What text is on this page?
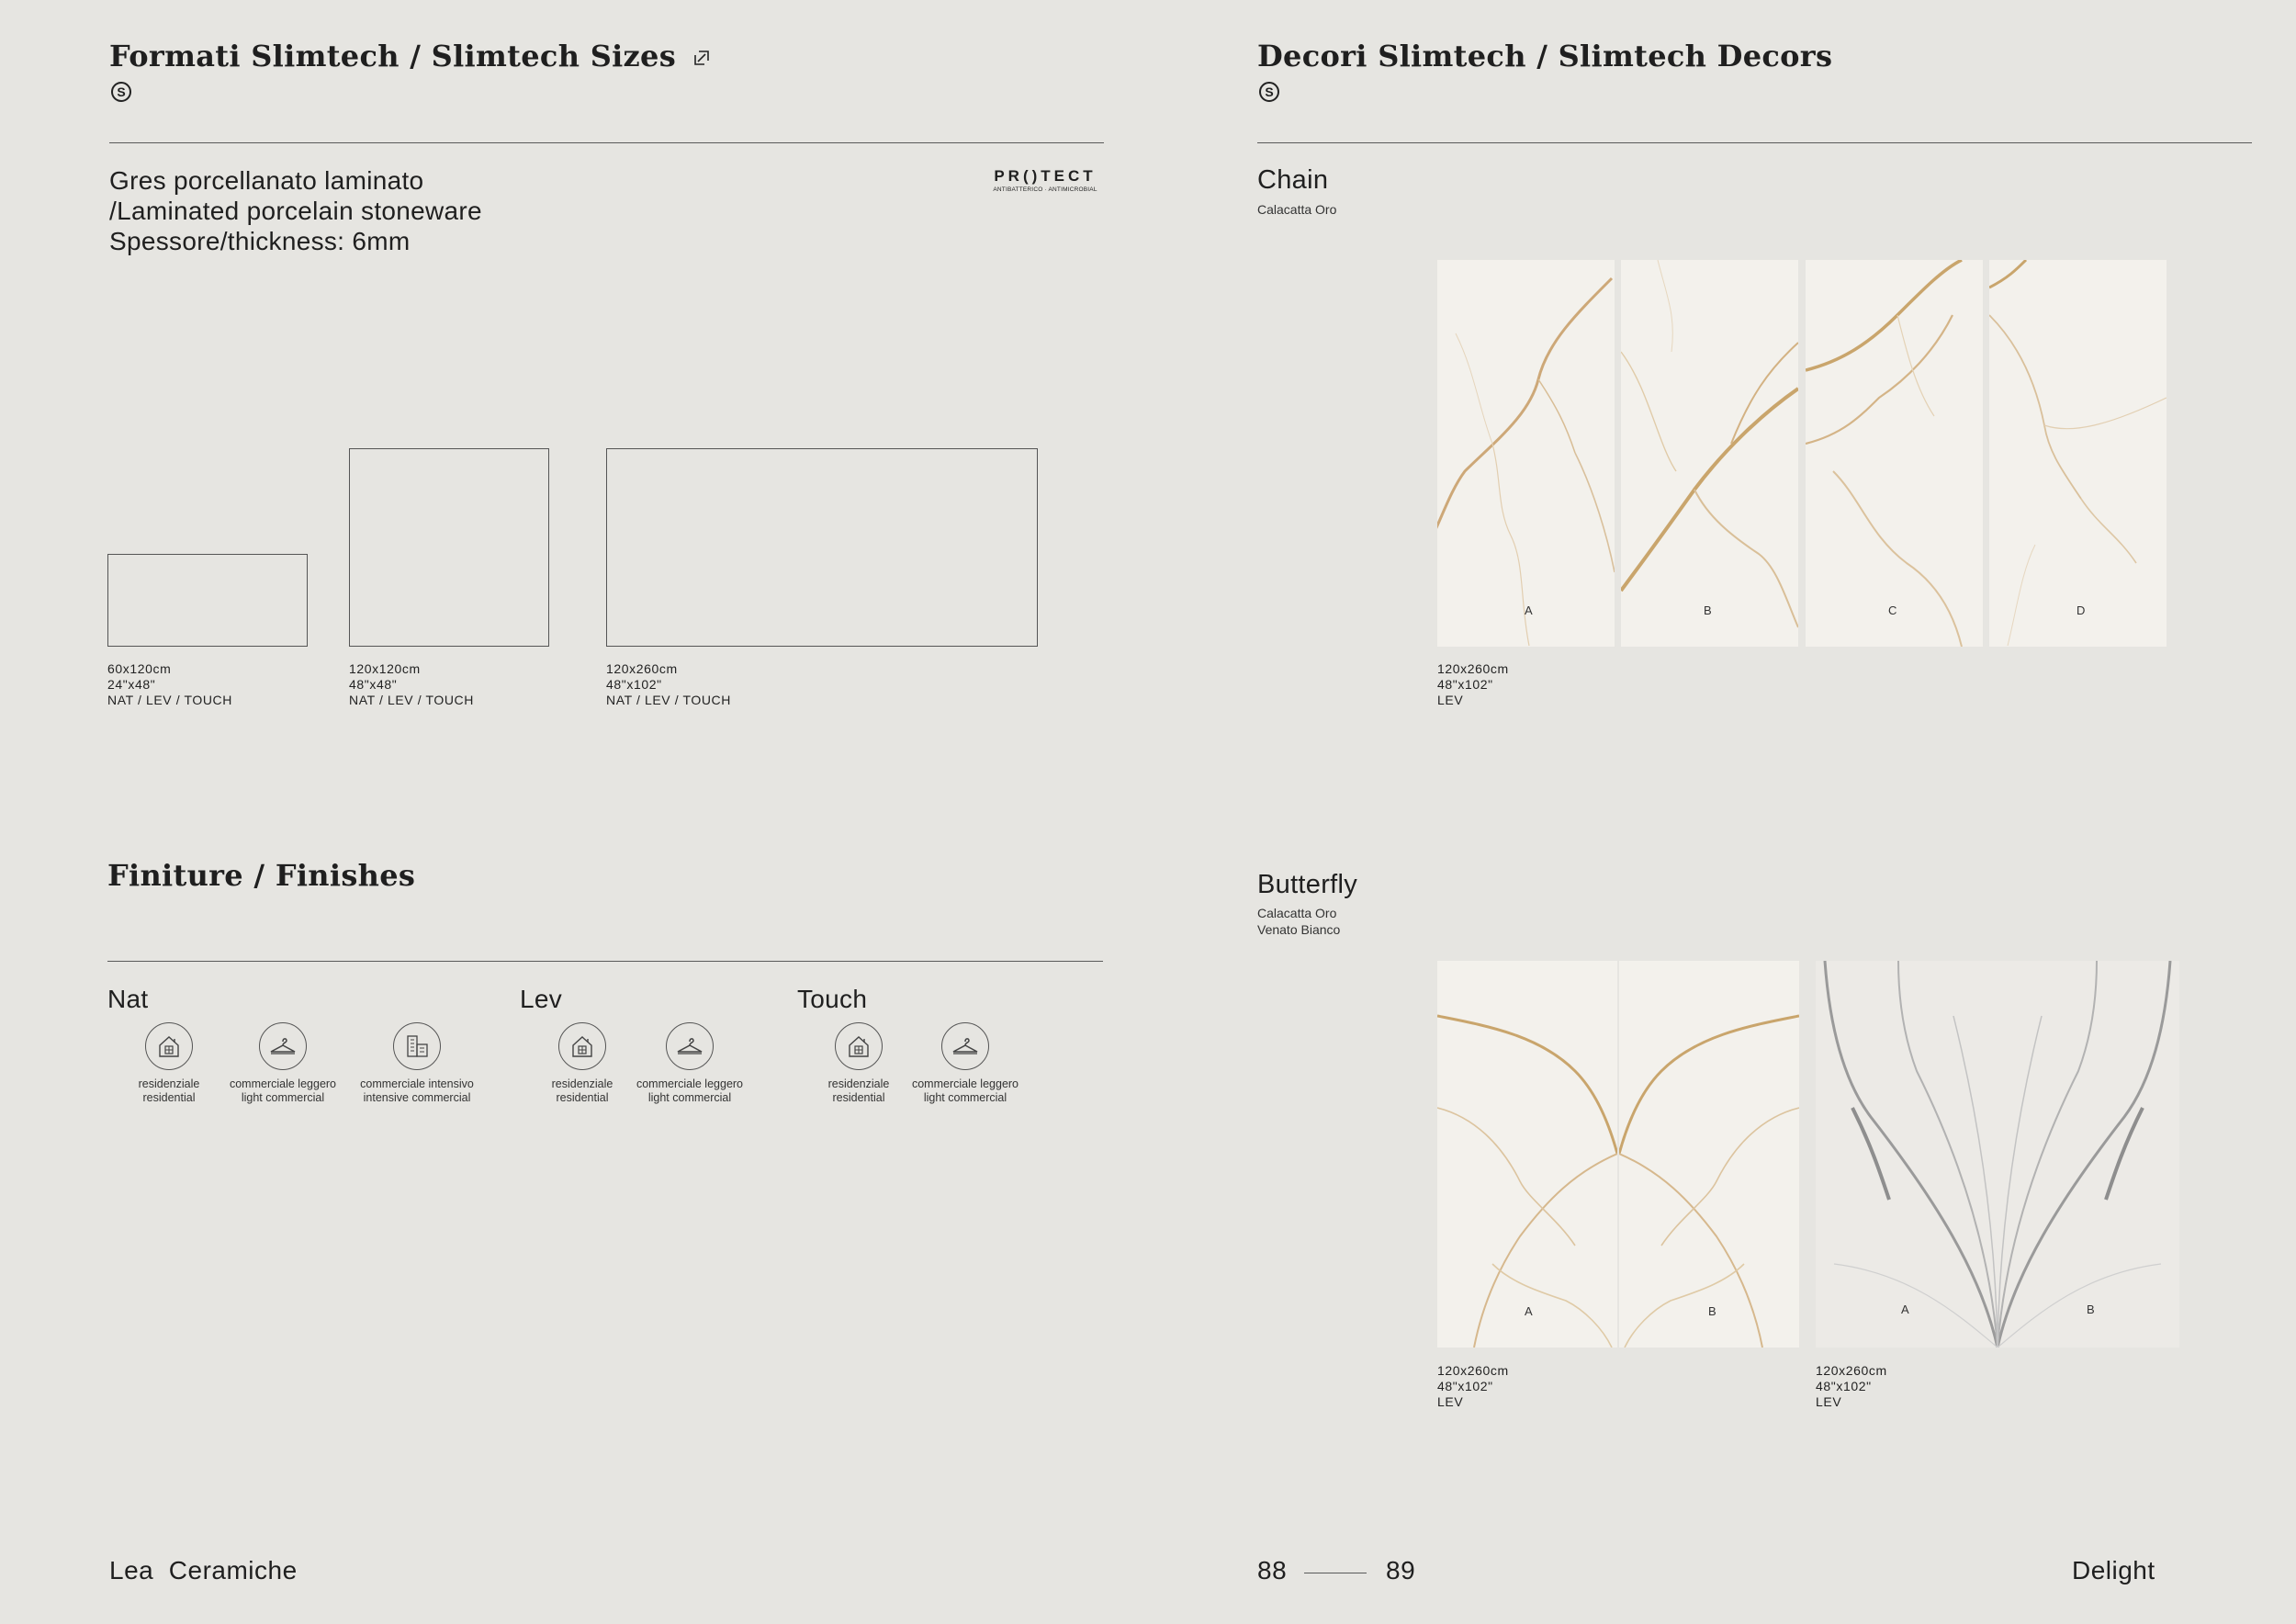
Formati Slimtech / Slimtech Sizes
S
Gres porcellanato laminato
/Laminated porcelain stoneware
Spessore/thickness: 6mm
PR()TECT
ANTIBATTERICO · ANTIMICROBIAL
60x120cm
24"x48"
NAT / LEV / TOUCH
120x120cm
48"x48"
NAT / LEV / TOUCH
120x260cm
48"x102"
NAT / LEV / TOUCH
Finiture / Finishes
Nat	Lev	Touch
residenziale
residential
commerciale leggero
light commercial
commerciale intensivo
intensive commercial
residenziale
residential
commerciale leggero
light commercial
residenziale
residential
commerciale leggero
light commercial
Decori Slimtech / Slimtech Decors
S
Chain
Calacatta Oro
A	B	C	D
120x260cm
48"x102"
LEV
Butterfly
Calacatta Oro
Venato Bianco
A	B	A	B
120x260cm
48"x102"
LEV
120x260cm
48"x102"
LEV
Lea  Ceramiche	88	89	Delight
